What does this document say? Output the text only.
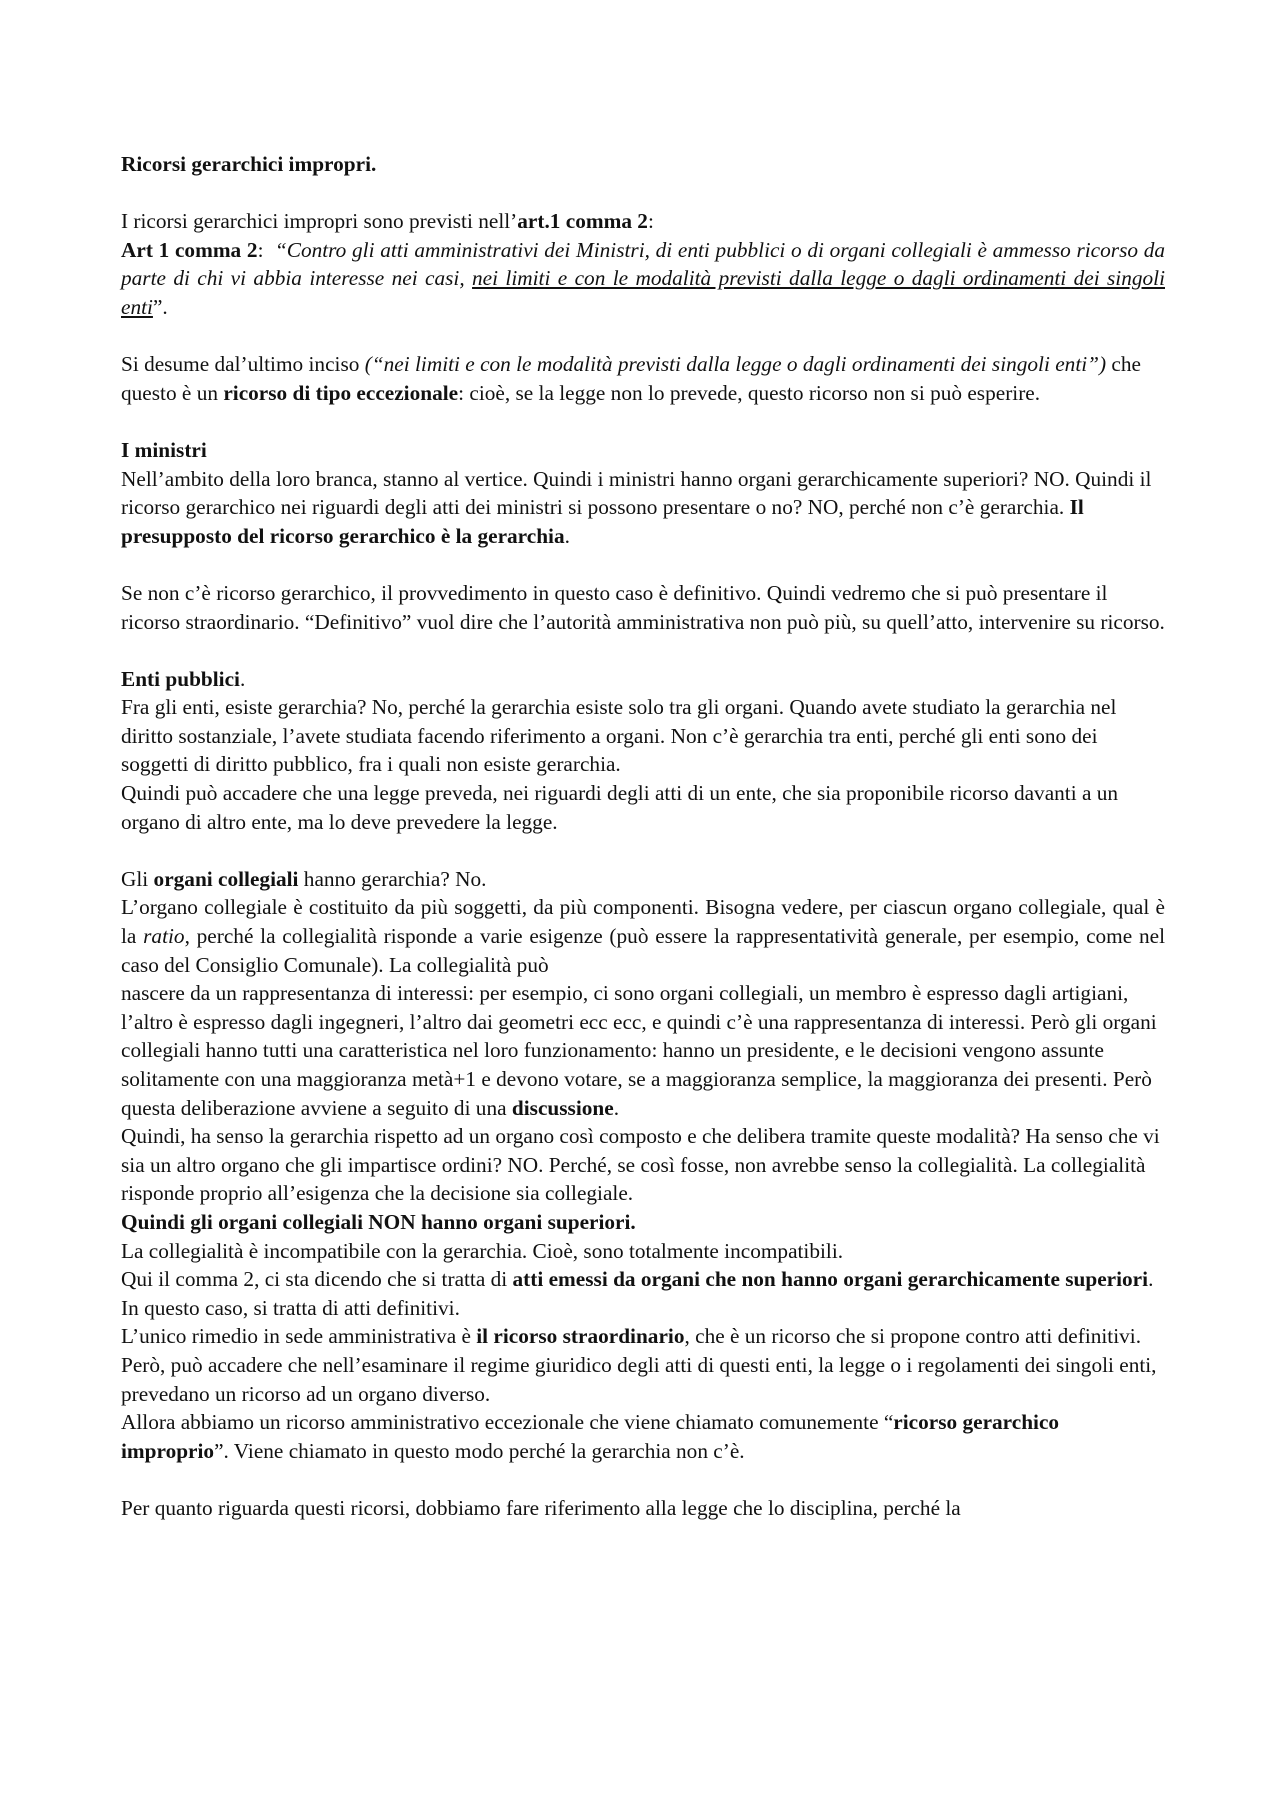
Ricorsi gerarchici impropri.

I ricorsi gerarchici impropri sono previsti nell’art.1 comma 2:

Art 1 comma 2: “Contro gli atti amministrativi dei Ministri, di enti pubblici o di organi collegiali è ammesso ricorso da parte di chi vi abbia interesse nei casi, nei limiti e con le modalità previsti dalla legge o dagli ordinamenti dei singoli enti”.

Si desume dal’ultimo inciso (“nei limiti e con le modalità previsti dalla legge o dagli ordinamenti dei singoli enti”) che questo è un ricorso di tipo eccezionale: cioè, se la legge non lo prevede, questo ricorso non si può esperire.

I ministri

Nell’ambito della loro branca, stanno al vertice. Quindi i ministri hanno organi gerarchicamente superiori? NO. Quindi il ricorso gerarchico nei riguardi degli atti dei ministri si possono presentare o no? NO, perché non c’è gerarchia. Il presupposto del ricorso gerarchico è la gerarchia.

Se non c’è ricorso gerarchico, il provvedimento in questo caso è definitivo. Quindi vedremo che si può presentare il ricorso straordinario. “Definitivo” vuol dire che l’autorità amministrativa non può più, su quell’atto, intervenire su ricorso.

Enti pubblici.

Fra gli enti, esiste gerarchia? No, perché la gerarchia esiste solo tra gli organi. Quando avete studiato la gerarchia nel diritto sostanziale, l’avete studiata facendo riferimento a organi. Non c’è gerarchia tra enti, perché gli enti sono dei soggetti di diritto pubblico, fra i quali non esiste gerarchia.

Quindi può accadere che una legge preveda, nei riguardi degli atti di un ente, che sia proponibile ricorso davanti a un organo di altro ente, ma lo deve prevedere la legge.

Gli organi collegiali hanno gerarchia? No.

L’organo collegiale è costituito da più soggetti, da più componenti. Bisogna vedere, per ciascun organo collegiale, qual è la ratio, perché la collegialità risponde a varie esigenze (può essere la rappresentatività generale, per esempio, come nel caso del Consiglio Comunale). La collegialità può

nascere da un rappresentanza di interessi: per esempio, ci sono organi collegiali, un membro è espresso dagli artigiani, l’altro è espresso dagli ingegneri, l’altro dai geometri ecc ecc, e quindi c’è una rappresentanza di interessi. Però gli organi collegiali hanno tutti una caratteristica nel loro funzionamento: hanno un presidente, e le decisioni vengono assunte solitamente con una maggioranza metà+1 e devono votare, se a maggioranza semplice, la maggioranza dei presenti. Però questa deliberazione avviene a seguito di una discussione.

Quindi, ha senso la gerarchia rispetto ad un organo così composto e che delibera tramite queste modalità? Ha senso che vi sia un altro organo che gli impartisce ordini? NO. Perché, se così fosse, non avrebbe senso la collegialità. La collegialità risponde proprio all’esigenza che la decisione sia collegiale.

Quindi gli organi collegiali NON hanno organi superiori.

La collegialità è incompatibile con la gerarchia. Cioè, sono totalmente incompatibili.

Qui il comma 2, ci sta dicendo che si tratta di atti emessi da organi che non hanno organi gerarchicamente superiori. In questo caso, si tratta di atti definitivi.

L’unico rimedio in sede amministrativa è il ricorso straordinario, che è un ricorso che si propone contro atti definitivi. Però, può accadere che nell’esaminare il regime giuridico degli atti di questi enti, la legge o i regolamenti dei singoli enti, prevedano un ricorso ad un organo diverso.

Allora abbiamo un ricorso amministrativo eccezionale che viene chiamato comunemente “ricorso gerarchico improprio”. Viene chiamato in questo modo perché la gerarchia non c’è.

Per quanto riguarda questi ricorsi, dobbiamo fare riferimento alla legge che lo disciplina, perché la
